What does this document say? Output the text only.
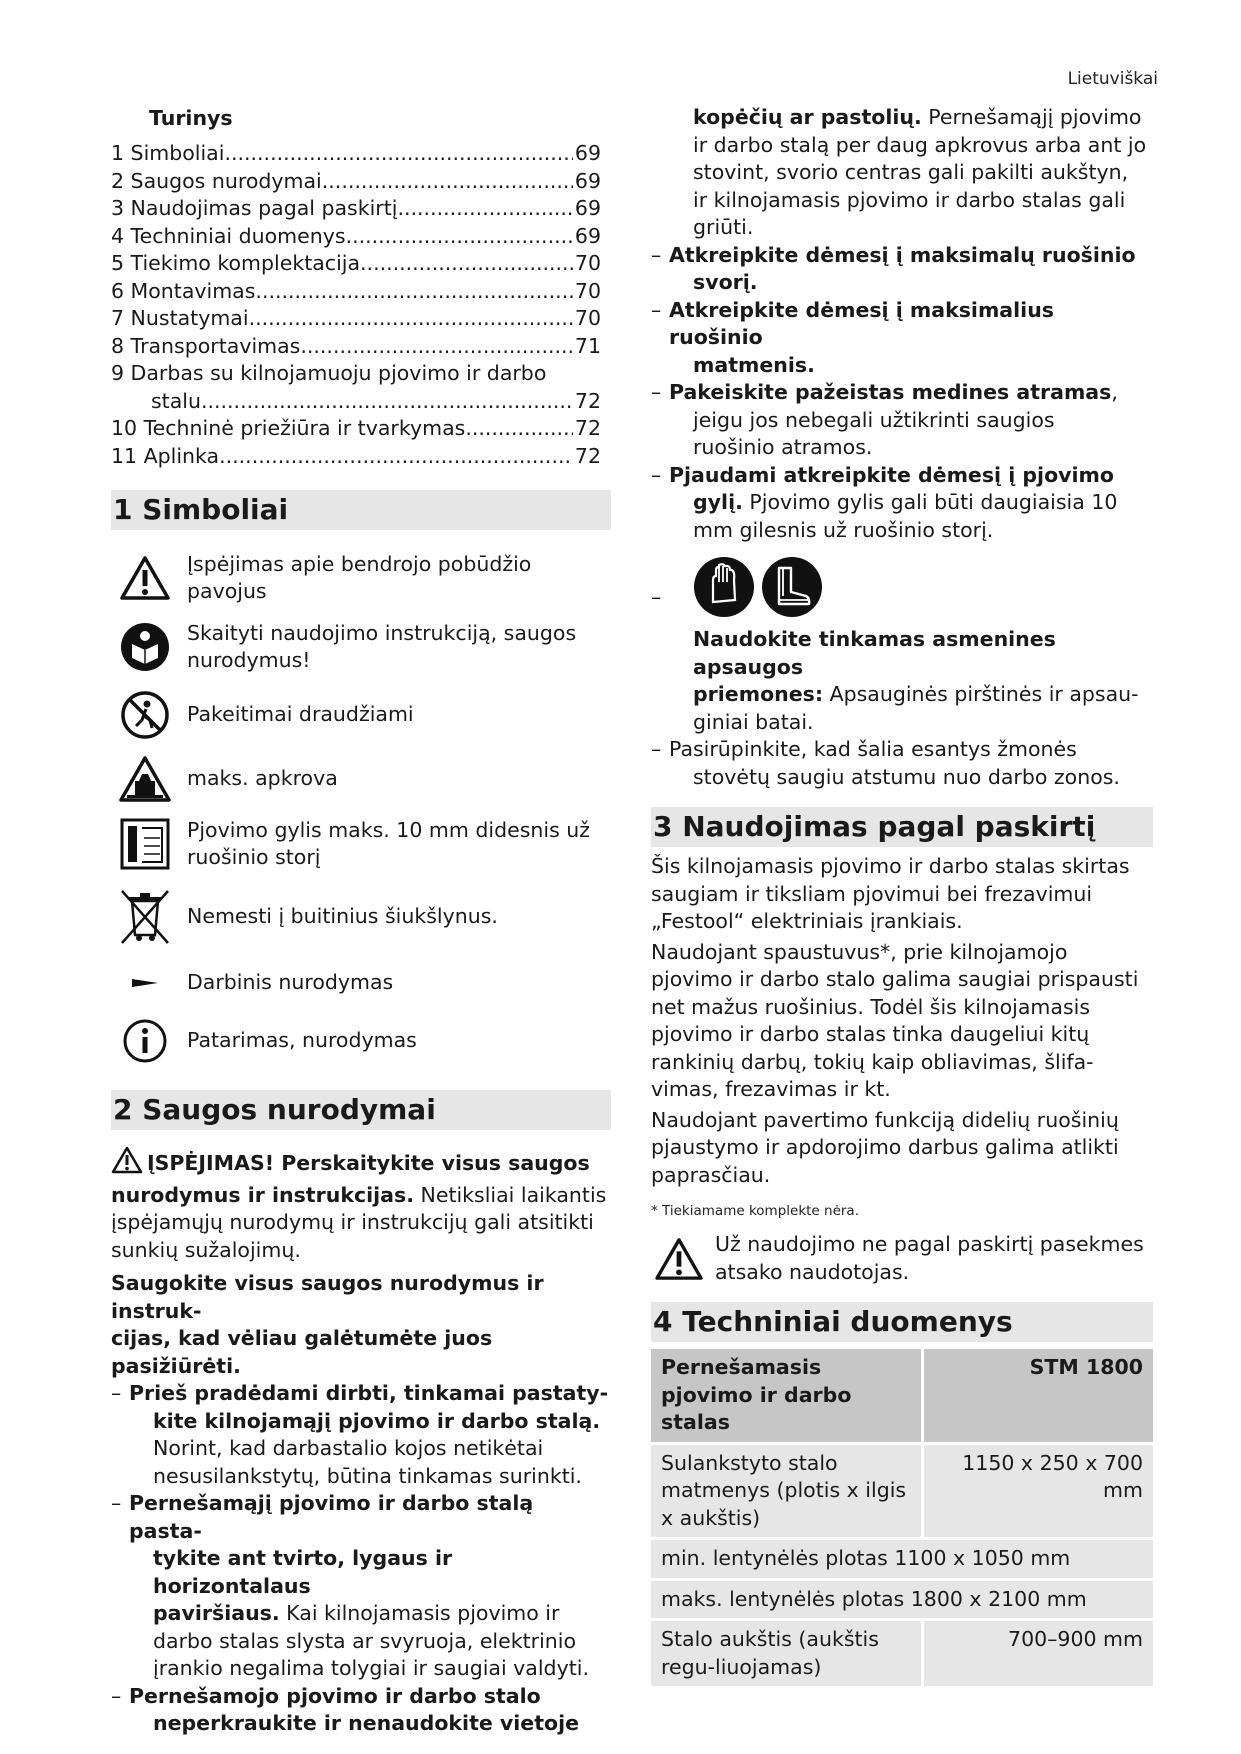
Lietuviškai
Turinys
1 Simboliai .....	69
2 Saugos nurodymai .....	69
3 Naudojimas pagal paskirtį .....	69
4 Techniniai duomenys .....	69
5 Tiekimo komplektacija .....	70
6 Montavimas .....	70
7 Nustatymai .....	70
8 Transportavimas .....	71
9 Darbas su kilnojamuoju pjovimo ir darbo
stalu .....	72
10 Techninė priežiūra ir tvarkymas .....	72
11 Aplinka .....	72
1 Simboliai
Įspėjimas apie bendrojo pobūdžio pavojus
Skaityti naudojimo instrukciją, saugos nurodymus!
Pakeitimai draudžiami
maks. apkrova
Pjovimo gylis maks. 10 mm didesnis už ruošinio storį
Nemesti į buitinius šiukšlynus.
Darbinis nurodymas
Patarimas, nurodymas
2 Saugos nurodymai

ĮSPĖJIMAS! Perskaitykite visus saugos

nurodymus ir instrukcijas. Netiksliai laikantis

įspėjamųjų nurodymų ir instrukcijų gali atsitikti

sunkių sužalojimų.

Saugokite visus saugos nurodymus ir instruk-

cijas, kad vėliau galėtumėte juos pasižiūrėti.

– Prieš pradėdami dirbti, tinkamai pastaty-
kite kilnojamąjį pjovimo ir darbo stalą.
Norint, kad darbastalio kojos netikėtai
nesusilankstytų, būtina tinkamas surinkti.
– Pernešamąjį pjovimo ir darbo stalą pasta-
tykite ant tvirto, lygaus ir horizontalaus
paviršiaus. Kai kilnojamasis pjovimo ir
darbo stalas slysta ar svyruoja, elektrinio
įrankio negalima tolygiai ir saugiai valdyti.
– Pernešamojo pjovimo ir darbo stalo
neperkraukite ir nenaudokite vietoje
kopėčių ar pastolių. Pernešamąjį pjovimo
ir darbo stalą per daug apkrovus arba ant jo
stovint, svorio centras gali pakilti aukštyn,
ir kilnojamasis pjovimo ir darbo stalas gali
griūti.
– Atkreipkite dėmesį į maksimalų ruošinio
svorį.
– Atkreipkite dėmesį į maksimalius ruošinio
matmenis.
– Pakeiskite pažeistas medines atramas,
jeigu jos nebegali užtikrinti saugios
ruošinio atramos.
– Pjaudami atkreipkite dėmesį į pjovimo
gylį. Pjovimo gylis gali būti daugiaisia 10
mm gilesnis už ruošinio storį.
–
Naudokite tinkamas asmenines apsaugos
priemones: Apsauginės pirštinės ir apsau-
giniai batai.
– Pasirūpinkite, kad šalia esantys žmonės
stovėtų saugiu atstumu nuo darbo zonos.
3 Naudojimas pagal paskirtį

Šis kilnojamasis pjovimo ir darbo stalas skirtas

saugiam ir tiksliam pjovimui bei frezavimui

„Festool“ elektriniais įrankiais.

Naudojant spaustuvus*, prie kilnojamojo

pjovimo ir darbo stalo galima saugiai prispausti

net mažus ruošinius. Todėl šis kilnojamasis

pjovimo ir darbo stalas tinka daugeliui kitų

rankinių darbų, tokių kaip obliavimas, šlifa-

vimas, frezavimas ir kt.

Naudojant pavertimo funkciją didelių ruošinių

pjaustymo ir apdorojimo darbus galima atlikti

paprasčiau.

* Tiekiamame komplekte nėra.
Už naudojimo ne pagal paskirtį pasekmes atsako naudotojas.
4 Techniniai duomenys
Pernešamasis pjovimo ir darbo stalas	STM 1800
Sulankstyto stalo matmenys (plotis x ilgis x aukštis)	1150 x 250 x 700 mm
min. lentynėlės plotas 1100 x 1050 mm	
maks. lentynėlės plotas 1800 x 2100 mm	
Stalo aukštis (aukštis regu-liuojamas)	700–900 mm
